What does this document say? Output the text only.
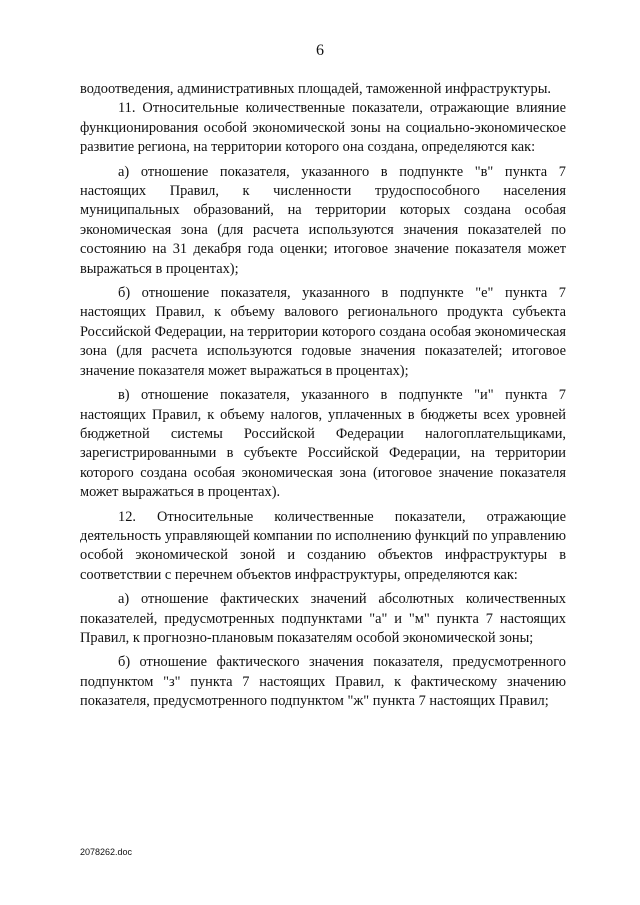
6

водоотведения, административных площадей, таможенной инфраструктуры.

11. Относительные количественные показатели, отражающие влияние функционирования особой экономической зоны на социально-экономическое развитие региона, на территории которого она создана, определяются как:

а) отношение показателя, указанного в подпункте "в" пункта 7 настоящих Правил, к численности трудоспособного населения муниципальных образований, на территории которых создана особая экономическая зона (для расчета используются значения показателей по состоянию на 31 декабря года оценки; итоговое значение показателя может выражаться в процентах);

б) отношение показателя, указанного в подпункте "е" пункта 7 настоящих Правил, к объему валового регионального продукта субъекта Российской Федерации, на территории которого создана особая экономическая зона (для расчета используются годовые значения показателей; итоговое значение показателя может выражаться в процентах);

в) отношение показателя, указанного в подпункте "и" пункта 7 настоящих Правил, к объему налогов, уплаченных в бюджеты всех уровней бюджетной системы Российской Федерации налогоплательщиками, зарегистрированными в субъекте Российской Федерации, на территории которого создана особая экономическая зона (итоговое значение показателя может выражаться в процентах).

12. Относительные количественные показатели, отражающие деятельность управляющей компании по исполнению функций по управлению особой экономической зоной и созданию объектов инфраструктуры в соответствии с перечнем объектов инфраструктуры, определяются как:

а) отношение фактических значений абсолютных количественных показателей, предусмотренных подпунктами "а" и "м" пункта 7 настоящих Правил, к прогнозно-плановым показателям особой экономической зоны;

б) отношение фактического значения показателя, предусмотренного подпунктом "з" пункта 7 настоящих Правил, к фактическому значению показателя, предусмотренного подпунктом "ж" пункта 7 настоящих Правил;

2078262.doc
